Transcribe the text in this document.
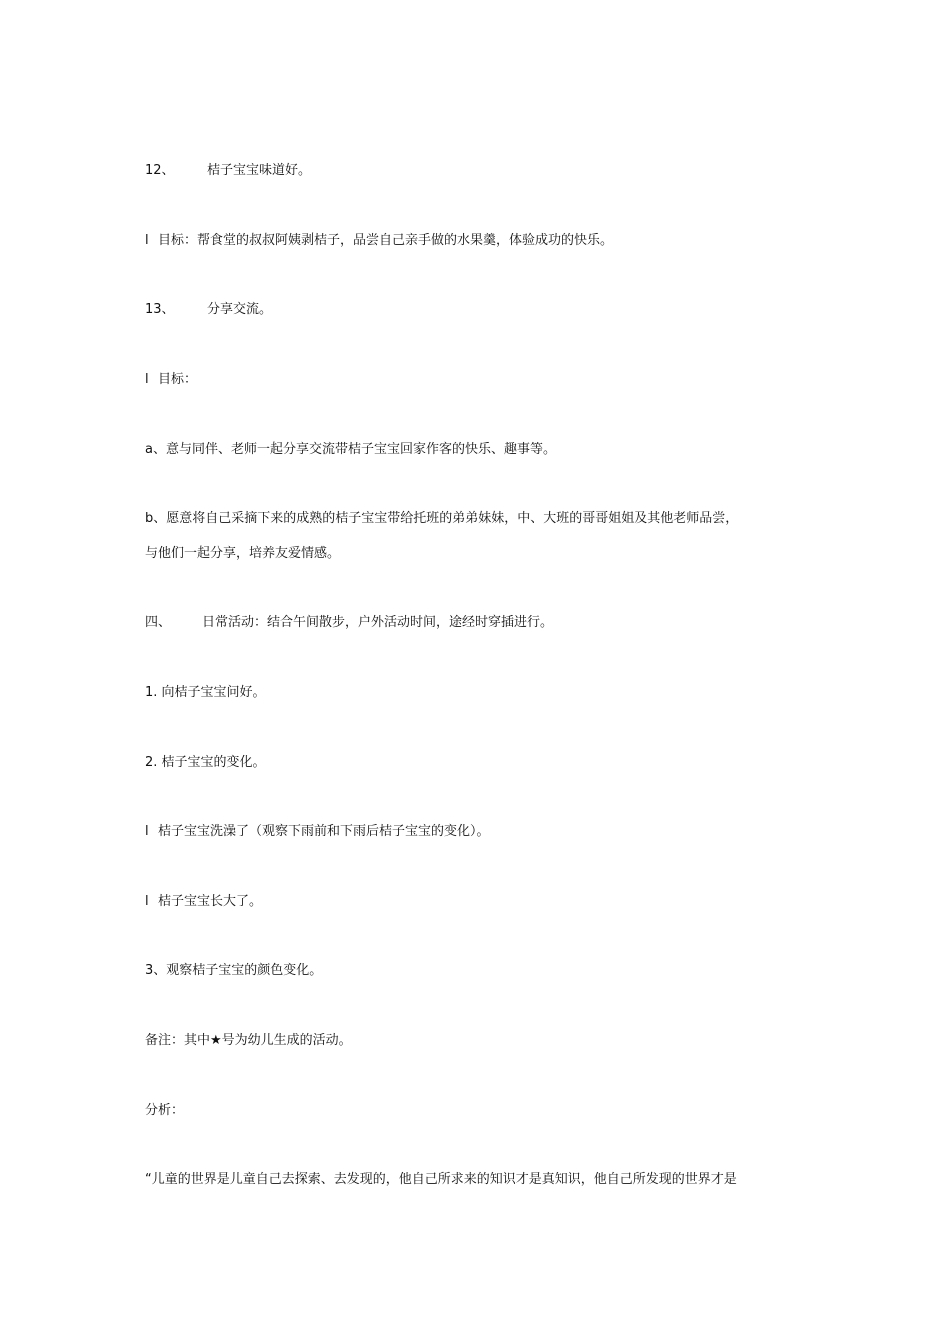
12、 桔子宝宝味道好。

l 目标：帮食堂的叔叔阿姨剥桔子，品尝自己亲手做的水果羹，体验成功的快乐。

13、 分享交流。

l 目标：

a、意与同伴、老师一起分享交流带桔子宝宝回家作客的快乐、趣事等。

b、愿意将自己采摘下来的成熟的桔子宝宝带给托班的弟弟妹妹，中、大班的哥哥姐姐及其他老师品尝，

与他们一起分享，培养友爱情感。

四、 日常活动：结合午间散步，户外活动时间，途经时穿插进行。

1. 向桔子宝宝问好。

2. 桔子宝宝的变化。

l 桔子宝宝洗澡了（观察下雨前和下雨后桔子宝宝的变化）。

l 桔子宝宝长大了。

3、观察桔子宝宝的颜色变化。

备注：其中★号为幼儿生成的活动。

分析：

“儿童的世界是儿童自己去探索、去发现的，他自己所求来的知识才是真知识，他自己所发现的世界才是
